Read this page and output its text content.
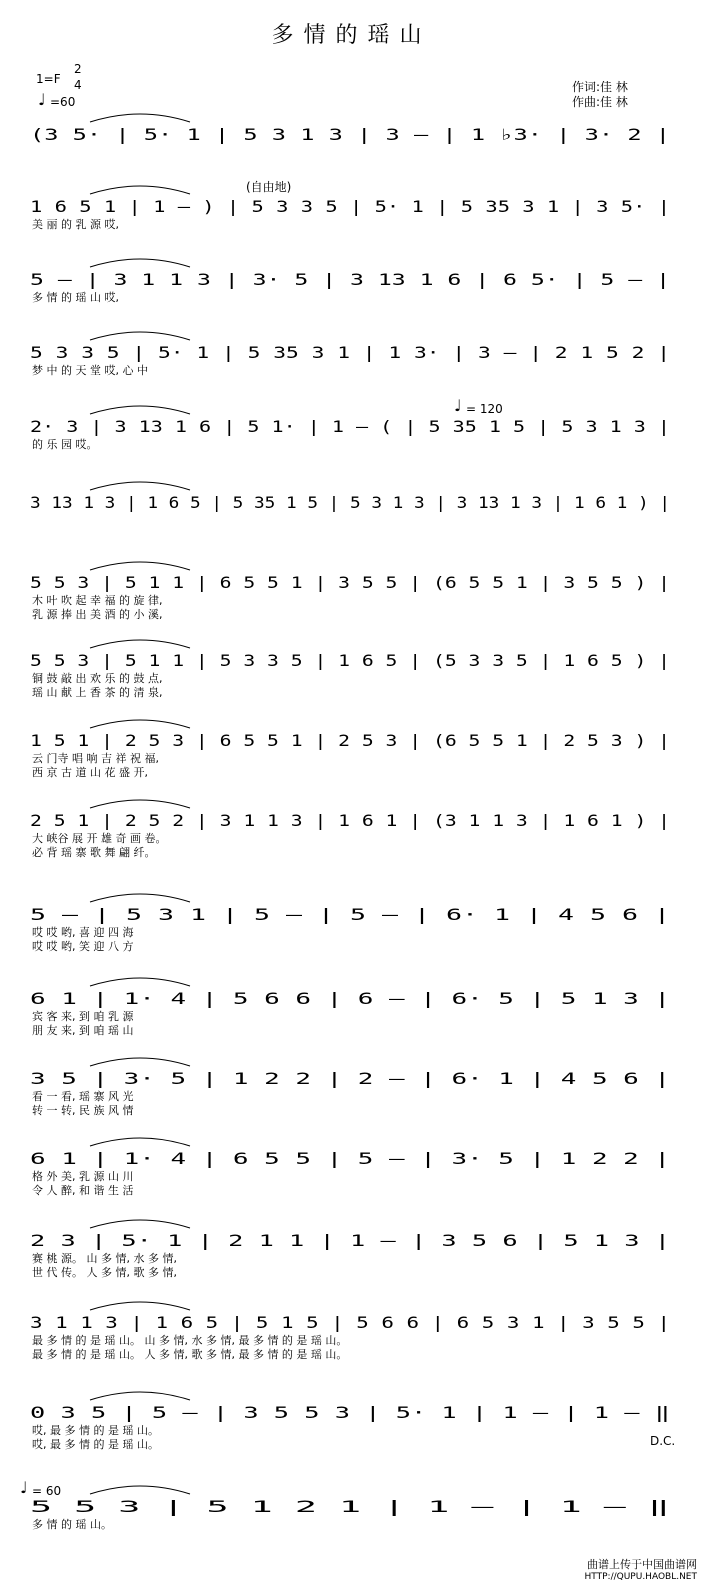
多情的瑶山
1=F
2
4
♩ =60
作词:佳 林
作曲:佳 林
(自由地)
♩ = 120
♩ = 60
D.C.
曲谱上传于中国曲谱网
HTTP://QUPU.HAOBL.NET
(3 5· | 5· 1 | 5 3 1 3 | 3 – | 1 ♭3· | 3· 2 |
1 6 5 1 | 1 – ) | 5 3 3 5 | 5· 1 | 5 35 3 1 | 3 5· |
美 丽 的 乳 源 哎,
5 – | 3 1 1 3 | 3· 5 | 3 13 1 6 | 6 5· | 5 – |
多 情 的 瑶 山 哎,
5 3 3 5 | 5· 1 | 5 35 3 1 | 1 3· | 3 – | 2 1 5 2 |
梦 中 的 天 堂 哎, 心 中
2· 3 | 3 13 1 6 | 5 1· | 1 – ( | 5 35 1 5 | 5 3 1 3 |
的 乐 园 哎。
3 13 1 3 | 1 6 5 | 5 35 1 5 | 5 3 1 3 | 3 13 1 3 | 1 6 1 ) |
5 5 3 | 5 1 1 | 6 5 5 1 | 3 5 5 | (6 5 5 1 | 3 5 5 ) |
木 叶 吹 起 幸 福 的 旋 律,
乳 源 捧 出 美 酒 的 小 溪,
5 5 3 | 5 1 1 | 5 3 3 5 | 1 6 5 | (5 3 3 5 | 1 6 5 ) |
铜 鼓 敲 出 欢 乐 的 鼓 点,
瑶 山 献 上 香 茶 的 清 泉,
1 5 1 | 2 5 3 | 6 5 5 1 | 2 5 3 | (6 5 5 1 | 2 5 3 ) |
云 门寺 唱 响 吉 祥 祝 福,
西 京 古 道 山 花 盛 开,
2 5 1 | 2 5 2 | 3 1 1 3 | 1 6 1 | (3 1 1 3 | 1 6 1 ) |
大 峡谷 展 开 雄 奇 画 卷。
必 背 瑶 寨 歌 舞 翩 纤。
5 – | 5 3 1 | 5 – | 5 – | 6· 1 | 4 5 6 |
哎 哎 哟, 喜 迎 四 海
哎 哎 哟, 笑 迎 八 方
6 1 | 1· 4 | 5 6 6 | 6 – | 6· 5 | 5 1 3 |
宾 客 来, 到 咱 乳 源
朋 友 来, 到 咱 瑶 山
3 5 | 3· 5 | 1 2 2 | 2 – | 6· 1 | 4 5 6 |
看 一 看, 瑶 寨 风 光
转 一 转, 民 族 风 情
6 1 | 1· 4 | 6 5 5 | 5 – | 3· 5 | 1 2 2 |
格 外 美, 乳 源 山 川
令 人 醉, 和 谐 生 活
2 3 | 5· 1 | 2 1 1 | 1 – | 3 5 6 | 5 1 3 |
赛 桃 源。 山 多 情, 水 多 情,
世 代 传。 人 多 情, 歌 多 情,
3 1 1 3 | 1 6 5 | 5 1 5 | 5 6 6 | 6 5 3 1 | 3 5 5 |
最 多 情 的 是 瑶 山。 山 多 情, 水 多 情, 最 多 情 的 是 瑶 山。
最 多 情 的 是 瑶 山。 人 多 情, 歌 多 情, 最 多 情 的 是 瑶 山。
0 3 5 | 5 – | 3 5 5 3 | 5· 1 | 1 – | 1 – ‖
哎, 最 多 情 的 是 瑶 山。
哎, 最 多 情 的 是 瑶 山。
5 5 3 | 5 1 2 1 | 1 – | 1 – ‖
多 情 的 瑶 山。
